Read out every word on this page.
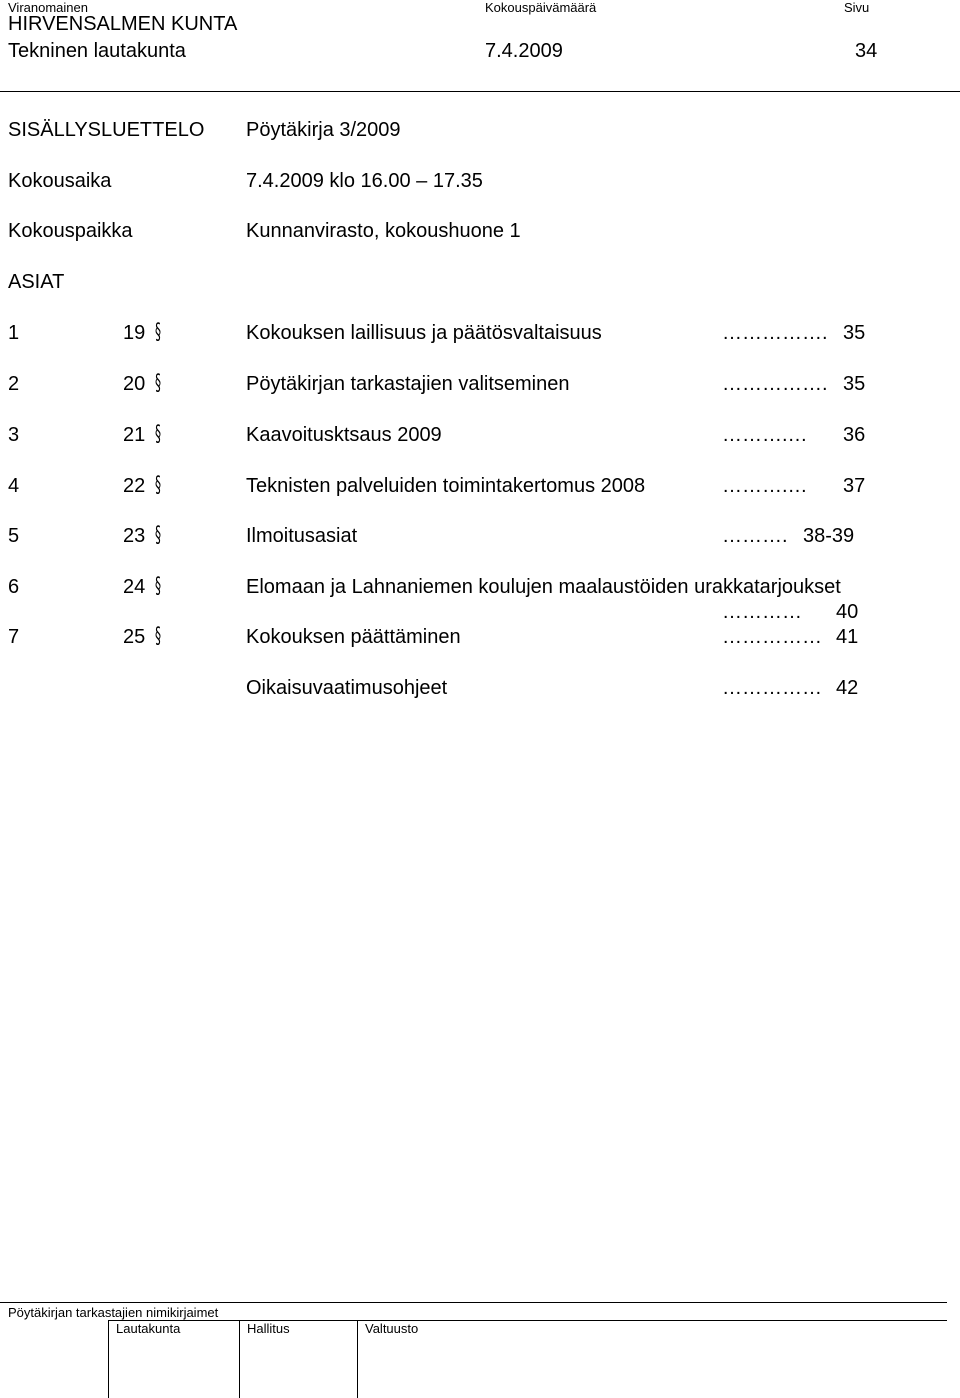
Viranomainen	Kokouspäivämäärä	Sivu
HIRVENSALMEN KUNTA
Tekninen lautakunta	7.4.2009	34
SISÄLLYSLUETTELO Pöytäkirja 3/2009
Kokousaika	7.4.2009 klo 16.00 – 17.35
Kokouspaikka	Kunnanvirasto, kokoushuone 1
ASIAT
1	19 §	Kokouksen laillisuus ja päätösvaltaisuus	……………. 35
2	20 §	Pöytäkirjan tarkastajien valitseminen	……………. 35
3	21 §	Kaavoitusktsaus 2009	……….… 36
4	22 §	Teknisten palveluiden toimintakertomus 2008	……….… 37
5	23 §	Ilmoitusasiat	………. 38-39
6	24 §	Elomaan ja Lahnaniemen koulujen maalaustöiden urakkatarjoukset
………… 40
7	25 §	Kokouksen päättäminen	…………… 41
Oikaisuvaatimusohjeet	…………… 42
Pöytäkirjan tarkastajien nimikirjaimet
Lautakunta	Hallitus	Valtuusto
